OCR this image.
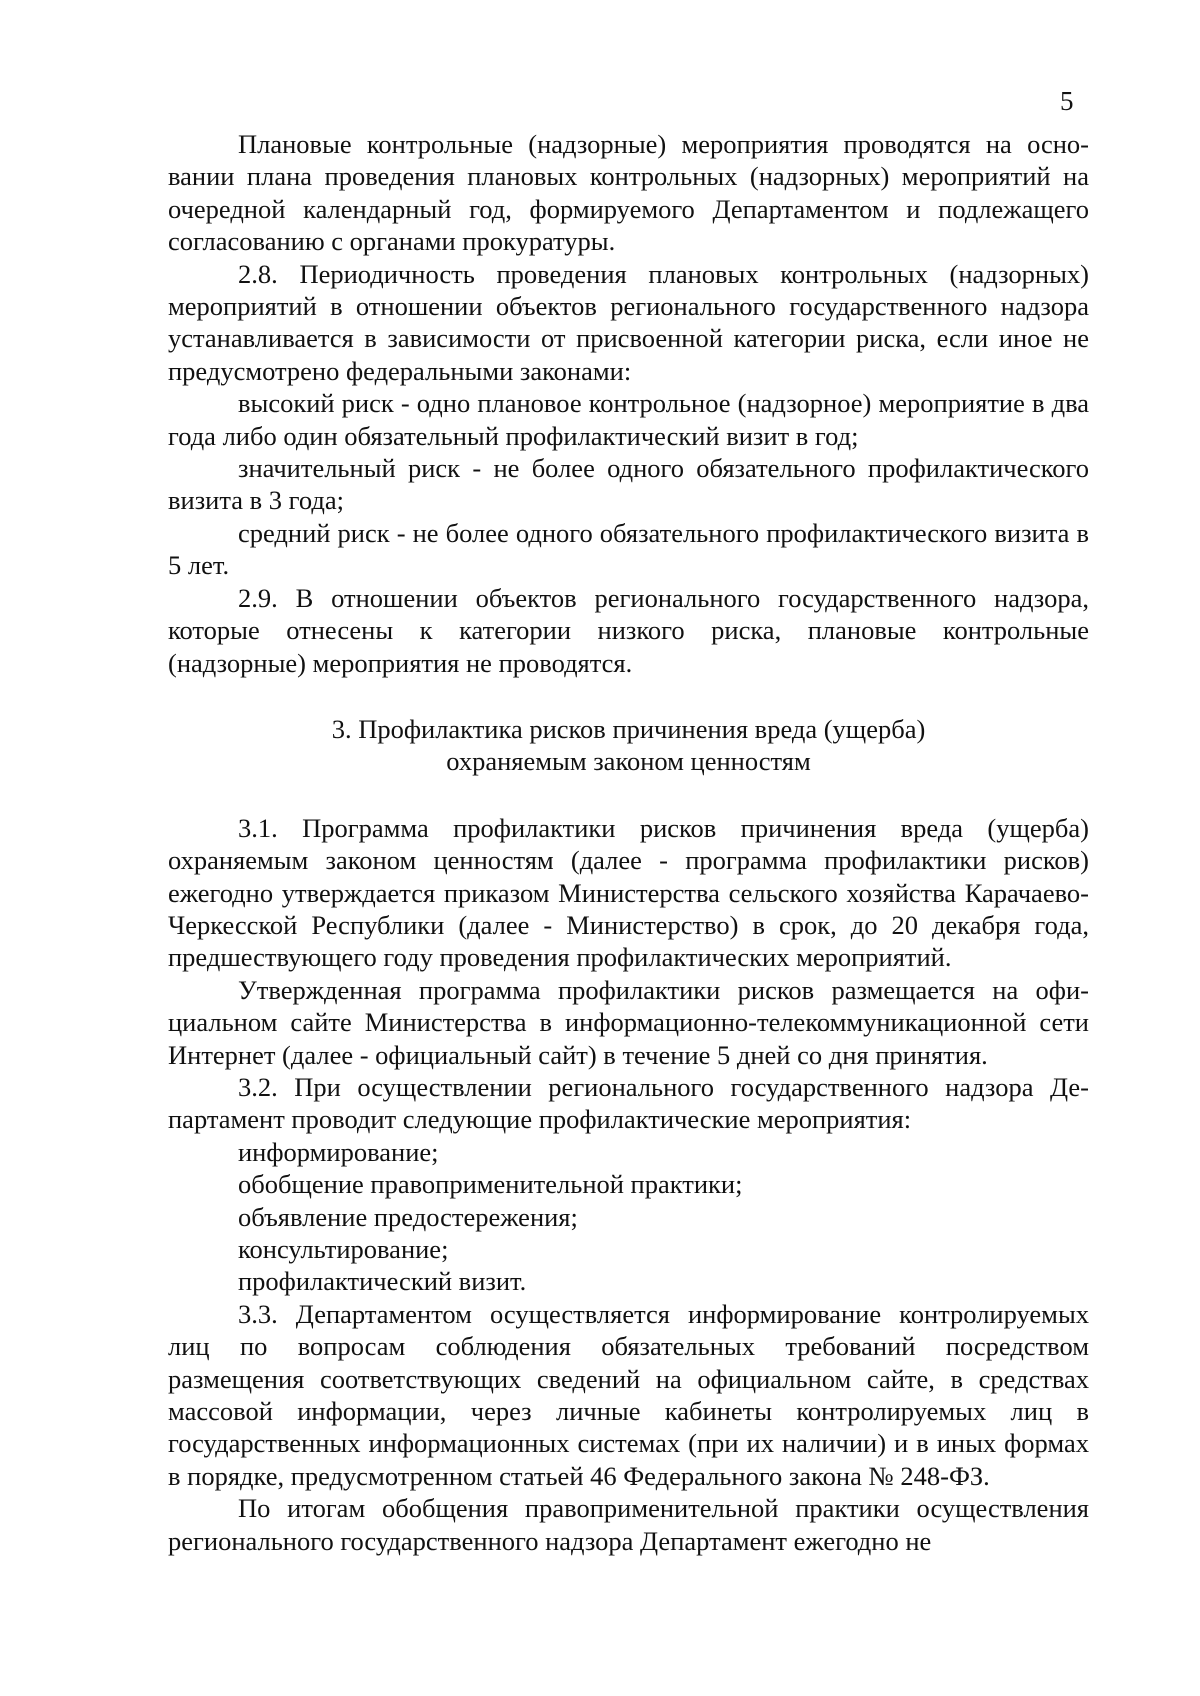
5

Плановые контрольные (надзорные) мероприятия проводятся на основании плана проведения плановых контрольных (надзорных) мероприятий на очередной календарный год, формируемого Департаментом и подлежащего согласованию с органами прокуратуры.

2.8. Периодичность проведения плановых контрольных (надзорных) мероприятий в отношении объектов регионального государственного надзора устанавливается в зависимости от присвоенной категории риска, если иное не предусмотрено федеральными законами:

высокий риск - одно плановое контрольное (надзорное) мероприятие в два года либо один обязательный профилактический визит в год;

значительный риск - не более одного обязательного профилактического визита в 3 года;

средний риск - не более одного обязательного профилактического визита в 5 лет.

2.9. В отношении объектов регионального государственного надзора, которые отнесены к категории низкого риска, плановые контрольные (надзорные) мероприятия не проводятся.

3. Профилактика рисков причинения вреда (ущерба)

охраняемым законом ценностям

3.1. Программа профилактики рисков причинения вреда (ущерба) охраняемым законом ценностям (далее - программа профилактики рисков) ежегодно утверждается приказом Министерства сельского хозяйства Карачаево-Черкесской Республики (далее - Министерство) в срок, до 20 декабря года, предшествующего году проведения профилактических мероприятий.

Утвержденная программа профилактики рисков размещается на официальном сайте Министерства в информационно-телекоммуникационной сети Интернет (далее - официальный сайт) в течение 5 дней со дня принятия.

3.2. При осуществлении регионального государственного надзора Департамент проводит следующие профилактические мероприятия:

информирование;

обобщение правоприменительной практики;

объявление предостережения;

консультирование;

профилактический визит.

3.3. Департаментом осуществляется информирование контролируемых лиц по вопросам соблюдения обязательных требований посредством размещения соответствующих сведений на официальном сайте, в средствах массовой информации, через личные кабинеты контролируемых лиц в государственных информационных системах (при их наличии) и в иных формах в порядке, предусмотренном статьей 46 Федерального закона № 248-ФЗ.

По итогам обобщения правоприменительной практики осуществления регионального государственного надзора Департамент ежегодно не
